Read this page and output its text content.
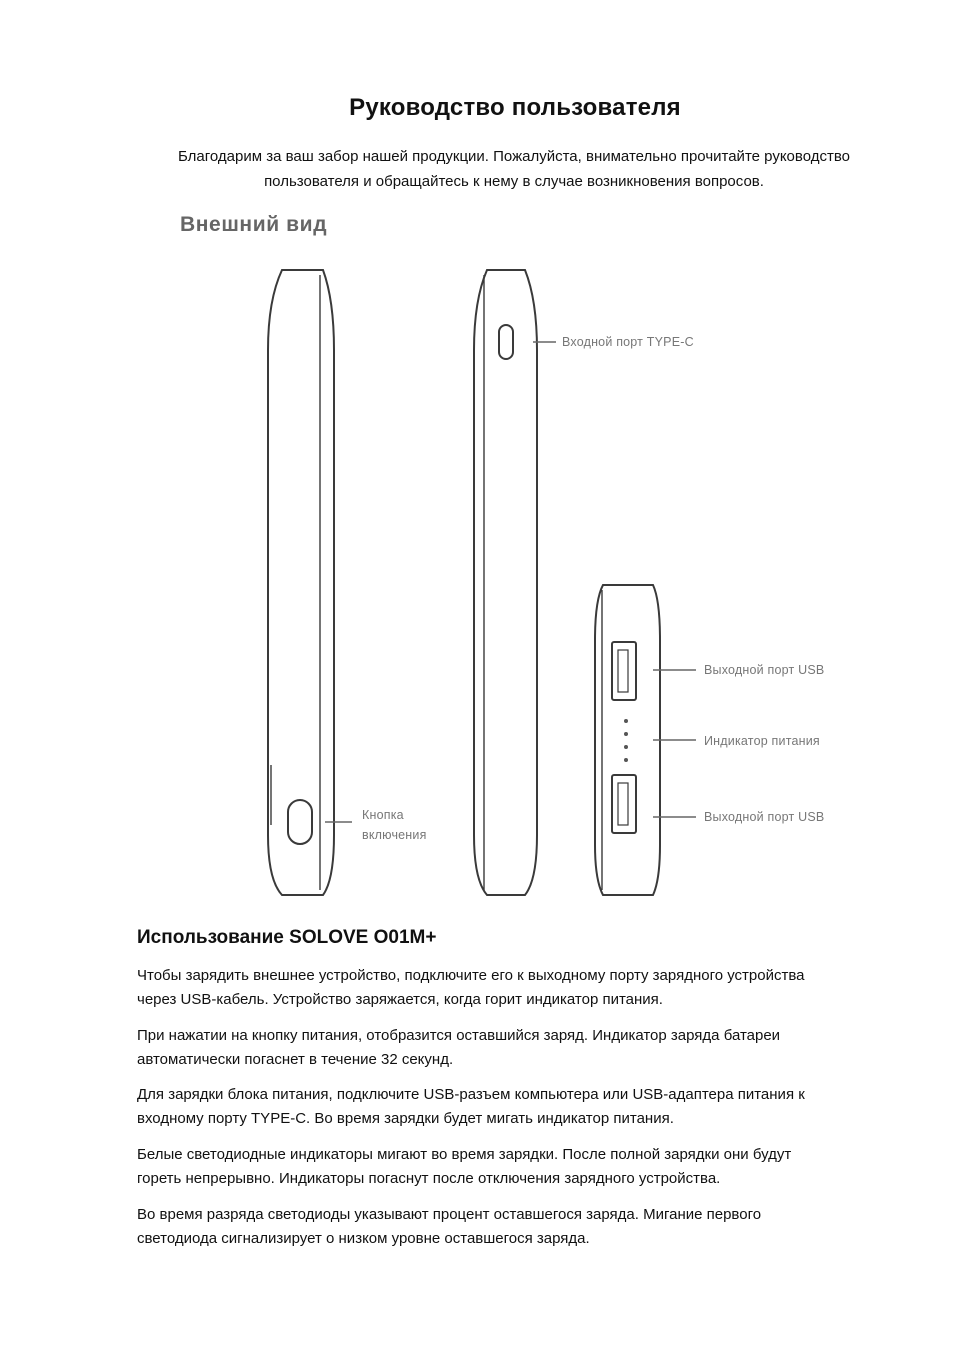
Руководство пользователя
Благодарим за ваш забор нашей продукции. Пожалуйста, внимательно прочитайте руководство
пользователя и обращайтесь к нему в случае возникновения вопросов.
Внешний вид
Входной порт TYPE-C
Кнопка
включения
Выходной порт USB
Индикатор питания
Выходной порт USB
Использование SOLOVE O01M+
Чтобы зарядить внешнее устройство, подключите его к выходному порту зарядного устройства
через USB-кабель. Устройство заряжается, когда горит индикатор питания.
При нажатии на кнопку питания, отобразится оставшийся заряд. Индикатор заряда батареи
автоматически погаснет в течение 32 секунд.
Для зарядки блока питания, подключите USB-разъем компьютера или USB-адаптера питания к
входному порту TYPE-C. Во время зарядки будет мигать индикатор питания.
Белые светодиодные индикаторы мигают во время зарядки. После полной зарядки они будут
гореть непрерывно. Индикаторы погаснут после отключения зарядного устройства.
Во время разряда светодиоды указывают процент оставшегося заряда. Мигание первого
светодиода сигнализирует о низком уровне оставшегося заряда.
